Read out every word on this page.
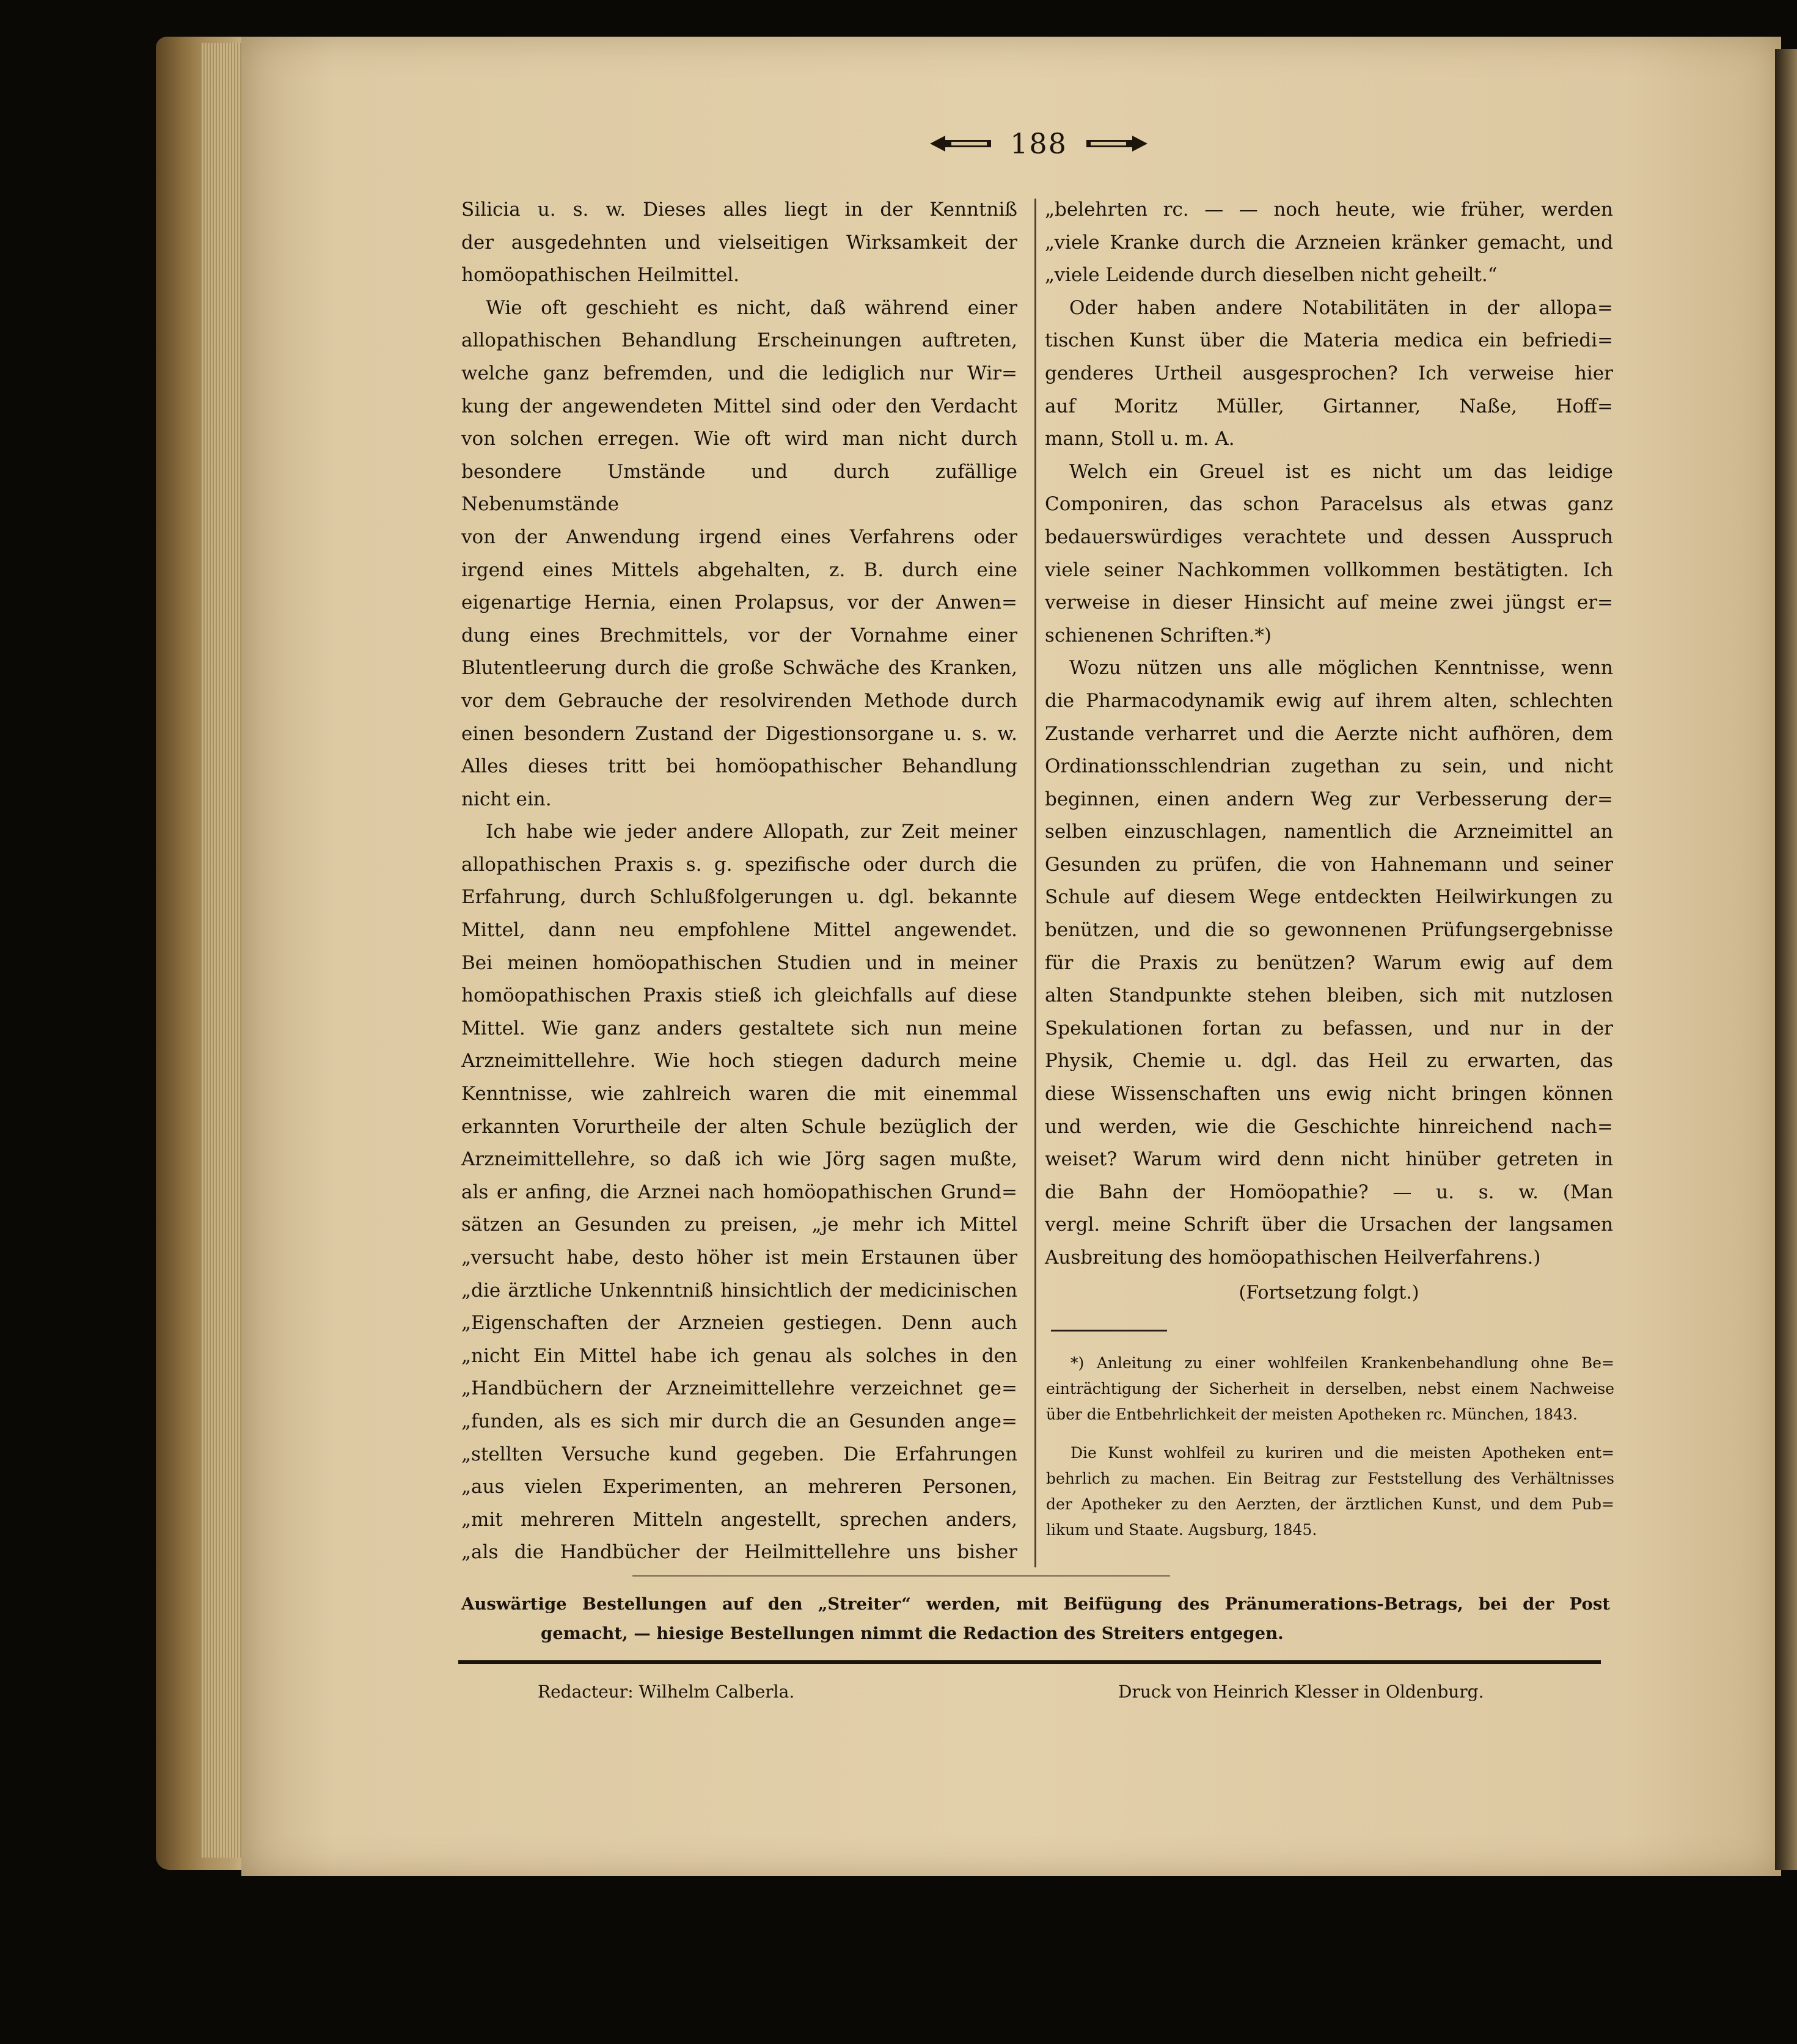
188

Silicia u. s. w. Dieses alles liegt in der Kenntniß

der ausgedehnten und vielseitigen Wirksamkeit der

homöopathischen Heilmittel.

Wie oft geschieht es nicht, daß während einer

allopathischen Behandlung Erscheinungen auftreten,

welche ganz befremden, und die lediglich nur Wir=

kung der angewendeten Mittel sind oder den Verdacht

von solchen erregen. Wie oft wird man nicht durch

besondere Umstände und durch zufällige Nebenumstände

von der Anwendung irgend eines Verfahrens oder

irgend eines Mittels abgehalten, z. B. durch eine

eigenartige Hernia, einen Prolapsus, vor der Anwen=

dung eines Brechmittels, vor der Vornahme einer

Blutentleerung durch die große Schwäche des Kranken,

vor dem Gebrauche der resolvirenden Methode durch

einen besondern Zustand der Digestionsorgane u. s. w.

Alles dieses tritt bei homöopathischer Behandlung

nicht ein.

Ich habe wie jeder andere Allopath, zur Zeit meiner

allopathischen Praxis s. g. spezifische oder durch die

Erfahrung, durch Schlußfolgerungen u. dgl. bekannte

Mittel, dann neu empfohlene Mittel angewendet.

Bei meinen homöopathischen Studien und in meiner

homöopathischen Praxis stieß ich gleichfalls auf diese

Mittel. Wie ganz anders gestaltete sich nun meine

Arzneimittellehre. Wie hoch stiegen dadurch meine

Kenntnisse, wie zahlreich waren die mit einemmal

erkannten Vorurtheile der alten Schule bezüglich der

Arzneimittellehre, so daß ich wie Jörg sagen mußte,

als er anfing, die Arznei nach homöopathischen Grund=

sätzen an Gesunden zu preisen, „je mehr ich Mittel

„versucht habe, desto höher ist mein Erstaunen über

„die ärztliche Unkenntniß hinsichtlich der medicinischen

„Eigenschaften der Arzneien gestiegen. Denn auch

„nicht Ein Mittel habe ich genau als solches in den

„Handbüchern der Arzneimittellehre verzeichnet ge=

„funden, als es sich mir durch die an Gesunden ange=

„stellten Versuche kund gegeben. Die Erfahrungen

„aus vielen Experimenten, an mehreren Personen,

„mit mehreren Mitteln angestellt, sprechen anders,

„als die Handbücher der Heilmittellehre uns bisher

„belehrten rc. — — noch heute, wie früher, werden

„viele Kranke durch die Arzneien kränker gemacht, und

„viele Leidende durch dieselben nicht geheilt.“

Oder haben andere Notabilitäten in der allopa=

tischen Kunst über die Materia medica ein befriedi=

genderes Urtheil ausgesprochen? Ich verweise hier

auf Moritz Müller, Girtanner, Naße, Hoff=

mann, Stoll u. m. A.

Welch ein Greuel ist es nicht um das leidige

Componiren, das schon Paracelsus als etwas ganz

bedauerswürdiges verachtete und dessen Ausspruch

viele seiner Nachkommen vollkommen bestätigten. Ich

verweise in dieser Hinsicht auf meine zwei jüngst er=

schienenen Schriften.*)

Wozu nützen uns alle möglichen Kenntnisse, wenn

die Pharmacodynamik ewig auf ihrem alten, schlechten

Zustande verharret und die Aerzte nicht aufhören, dem

Ordinationsschlendrian zugethan zu sein, und nicht

beginnen, einen andern Weg zur Verbesserung der=

selben einzuschlagen, namentlich die Arzneimittel an

Gesunden zu prüfen, die von Hahnemann und seiner

Schule auf diesem Wege entdeckten Heilwirkungen zu

benützen, und die so gewonnenen Prüfungsergebnisse

für die Praxis zu benützen? Warum ewig auf dem

alten Standpunkte stehen bleiben, sich mit nutzlosen

Spekulationen fortan zu befassen, und nur in der

Physik, Chemie u. dgl. das Heil zu erwarten, das

diese Wissenschaften uns ewig nicht bringen können

und werden, wie die Geschichte hinreichend nach=

weiset? Warum wird denn nicht hinüber getreten in

die Bahn der Homöopathie? — u. s. w. (Man

vergl. meine Schrift über die Ursachen der langsamen

Ausbreitung des homöopathischen Heilverfahrens.)

(Fortsetzung folgt.)

*) Anleitung zu einer wohlfeilen Krankenbehandlung ohne Be=

einträchtigung der Sicherheit in derselben, nebst einem Nachweise

über die Entbehrlichkeit der meisten Apotheken rc. München, 1843.

Die Kunst wohlfeil zu kuriren und die meisten Apotheken ent=

behrlich zu machen. Ein Beitrag zur Feststellung des Verhältnisses

der Apotheker zu den Aerzten, der ärztlichen Kunst, und dem Pub=

likum und Staate. Augsburg, 1845.

Auswärtige Bestellungen auf den „Streiter“ werden, mit Beifügung des Pränumerations-Betrags, bei der Post

gemacht, — hiesige Bestellungen nimmt die Redaction des Streiters entgegen.

Redacteur: Wilhelm Calberla.	Druck von Heinrich Klesser in Oldenburg.
